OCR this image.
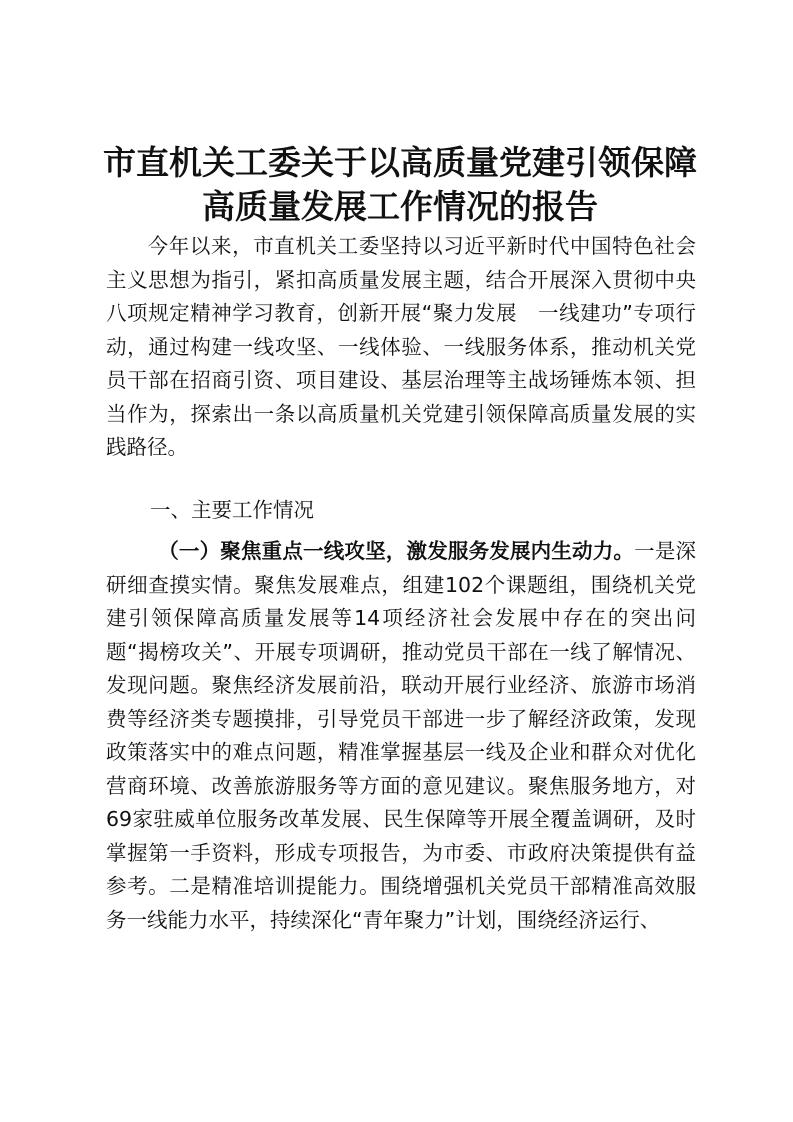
市直机关工委关于以高质量党建引领保障高质量发展工作情况的报告
今年以来，市直机关工委坚持以习近平新时代中国特色社会主义思想为指引，紧扣高质量发展主题，结合开展深入贯彻中央八项规定精神学习教育，创新开展“聚力发展　一线建功”专项行动，通过构建一线攻坚、一线体验、一线服务体系，推动机关党员干部在招商引资、项目建设、基层治理等主战场锤炼本领、担当作为，探索出一条以高质量机关党建引领保障高质量发展的实践路径。
一、主要工作情况
（一）聚焦重点一线攻坚，激发服务发展内生动力。一是深研细查摸实情。聚焦发展难点，组建102个课题组，围绕机关党建引领保障高质量发展等14项经济社会发展中存在的突出问题“揭榜攻关”、开展专项调研，推动党员干部在一线了解情况、发现问题。聚焦经济发展前沿，联动开展行业经济、旅游市场消费等经济类专题摸排，引导党员干部进一步了解经济政策，发现政策落实中的难点问题，精准掌握基层一线及企业和群众对优化营商环境、改善旅游服务等方面的意见建议。聚焦服务地方，对69家驻威单位服务改革发展、民生保障等开展全覆盖调研，及时掌握第一手资料，形成专项报告，为市委、市政府决策提供有益参考。二是精准培训提能力。围绕增强机关党员干部精准高效服务一线能力水平，持续深化“青年聚力”计划，围绕经济运行、
